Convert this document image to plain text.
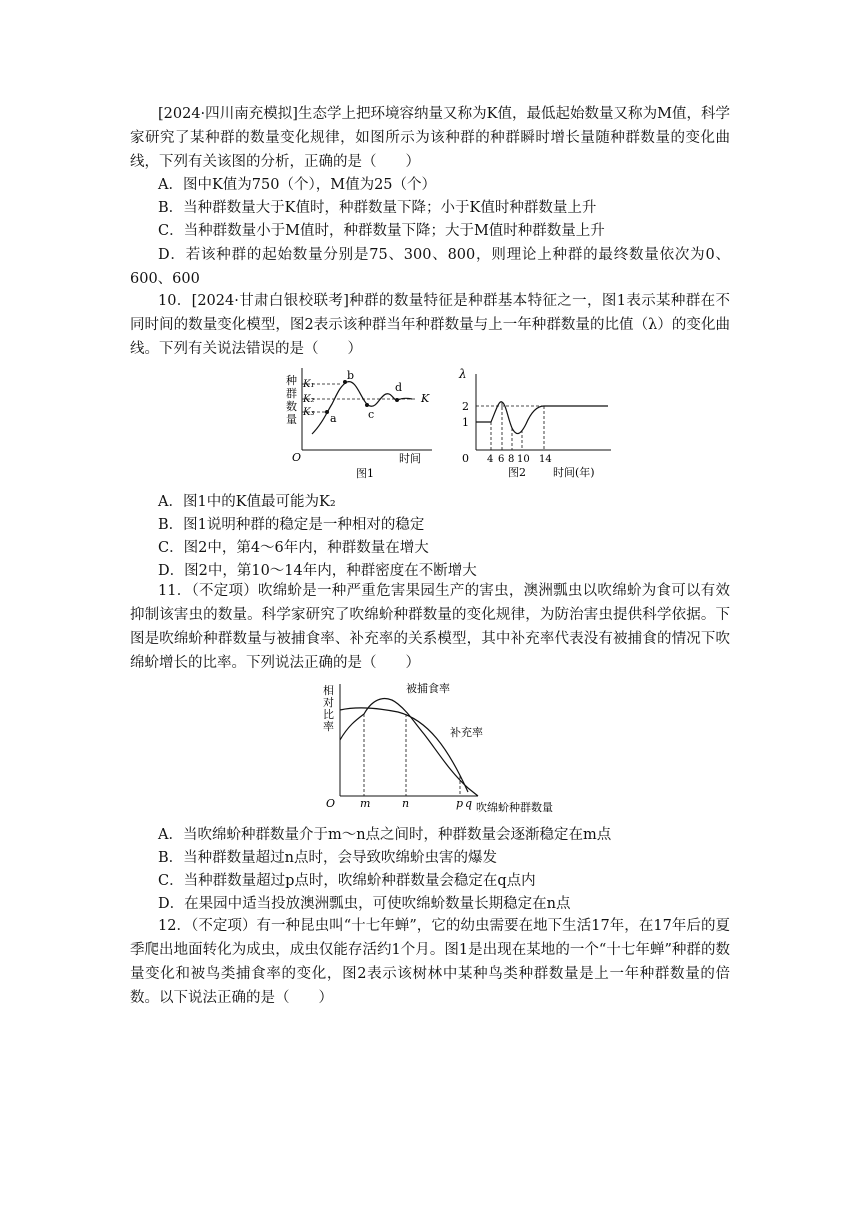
[2024·四川南充模拟]生态学上把环境容纳量又称为K值，最低起始数量又称为M值，科学家研究了某种群的数量变化规律，如图所示为该种群的种群瞬时增长量随种群数量的变化曲线，下列有关该图的分析，正确的是（　　）

A．图中K值为750（个），M值为25（个）

B．当种群数量大于K值时，种群数量下降；小于K值时种群数量上升

C．当种群数量小于M值时，种群数量下降；大于M值时种群数量上升

D．若该种群的起始数量分别是75、300、800，则理论上种群的最终数量依次为0、600、600

10．[2024·甘肃白银校联考]种群的数量特征是种群基本特征之一，图1表示某种群在不同时间的数量变化模型，图2表示该种群当年种群数量与上一年种群数量的比值（λ）的变化曲线。下列有关说法错误的是（　　）

种
群
数
量
K₁
K₂
K₃
K
a
b
c
d
O	时间
图1
λ
2
1
0 4 6 8 10 14
图2 时间(年)

A．图1中的K值最可能为K₂

B．图1说明种群的稳定是一种相对的稳定

C．图2中，第4～6年内，种群数量在增大

D．图2中，第10～14年内，种群密度在不断增大

11．（不定项）吹绵蚧是一种严重危害果园生产的害虫，澳洲瓢虫以吹绵蚧为食可以有效抑制该害虫的数量。科学家研究了吹绵蚧种群数量的变化规律，为防治害虫提供科学依据。下图是吹绵蚧种群数量与被捕食率、补充率的关系模型，其中补充率代表没有被捕食的情况下吹绵蚧增长的比率。下列说法正确的是（　　）

相
对
比
率
被捕食率
补充率
O m	n	p q 吹绵蚧种群数量

A．当吹绵蚧种群数量介于m～n点之间时，种群数量会逐渐稳定在m点

B．当种群数量超过n点时，会导致吹绵蚧虫害的爆发

C．当种群数量超过p点时，吹绵蚧种群数量会稳定在q点内

D．在果园中适当投放澳洲瓢虫，可使吹绵蚧数量长期稳定在n点

12．（不定项）有一种昆虫叫“十七年蝉”，它的幼虫需要在地下生活17年，在17年后的夏季爬出地面转化为成虫，成虫仅能存活约1个月。图1是出现在某地的一个“十七年蝉”种群的数量变化和被鸟类捕食率的变化，图2表示该树林中某种鸟类种群数量是上一年种群数量的倍数。以下说法正确的是（　　）
